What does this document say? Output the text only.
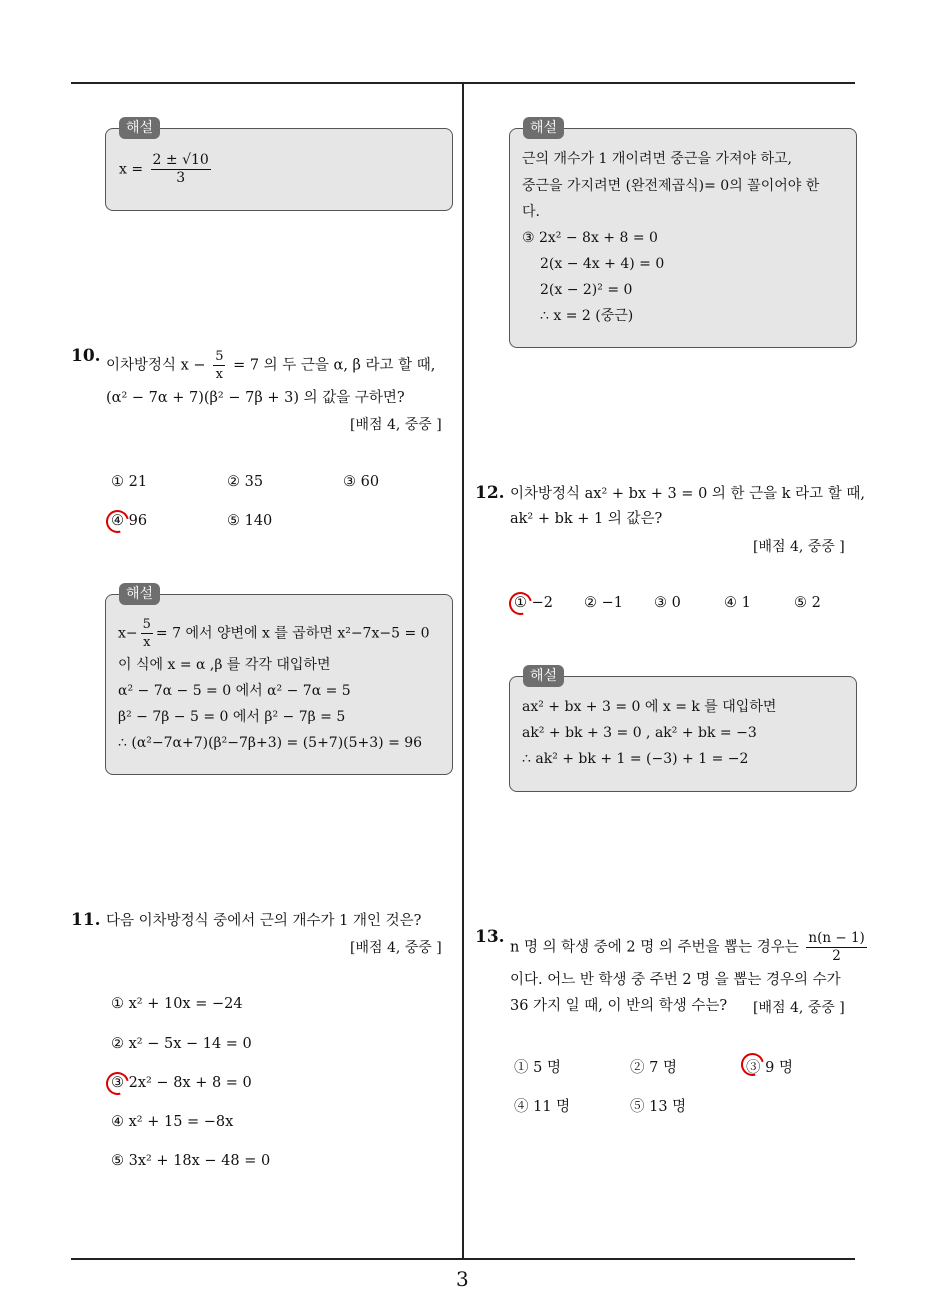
해설
$x = \frac{2 \pm √10}{3}$
10. 이차방정식 $x - \frac{5}{x} = 7$ 의 두 근을 α, β 라고 할 때,
(α² − 7α + 7)(β² − 7β + 3) 의 값을 구하면?
[배점 4, 중중 ]
① 21	② 35	③ 60
④ 96	⑤ 140
해설
$x- \frac{5}{x} = 7$ 에서 양변에 x 를 곱하면 x²−7x−5 = 0
이 식에 x = α ,β 를 각각 대입하면
α² − 7α − 5 = 0 에서 α² − 7α = 5
β² − 7β − 5 = 0 에서 β² − 7β = 5
∴ (α²−7α+7)(β²−7β+3) = (5+7)(5+3) = 96
11. 다음 이차방정식 중에서 근의 개수가 1 개인 것은?
[배점 4, 중중 ]
① x² + 10x = −24
② x² − 5x − 14 = 0
③ 2x² − 8x + 8 = 0
④ x² + 15 = −8x
⑤ 3x² + 18x − 48 = 0
해설
근의 개수가 1 개이려면 중근을 가져야 하고,
중근을 가지려면 (완전제곱식)= 0의 꼴이어야 한
다.
③ 2x² − 8x + 8 = 0
2(x − 4x + 4) = 0
2(x − 2)² = 0
∴ x = 2 (중근)
12. 이차방정식 ax² + bx + 3 = 0 의 한 근을 k 라고 할 때,
ak² + bk + 1 의 값은?
[배점 4, 중중 ]
① −2 ② −1 ③ 0	④ 1	⑤ 2
해설
ax² + bx + 3 = 0 에 x = k 를 대입하면
ak² + bk + 3 = 0 , ak² + bk = −3
∴ ak² + bk + 1 = (−3) + 1 = −2
13.
n 명 의 학생 중에 2 명 의 주번을 뽑는 경우는 $\frac{n(n - 1)}{2}$
이다. 어느 반 학생 중 주번 2 명 을 뽑는 경우의 수가
36 가지 일 때, 이 반의 학생 수는? [배점 4, 중중 ]
① 5 명	② 7 명	③ 9 명
④ 11 명	⑤ 13 명
3
